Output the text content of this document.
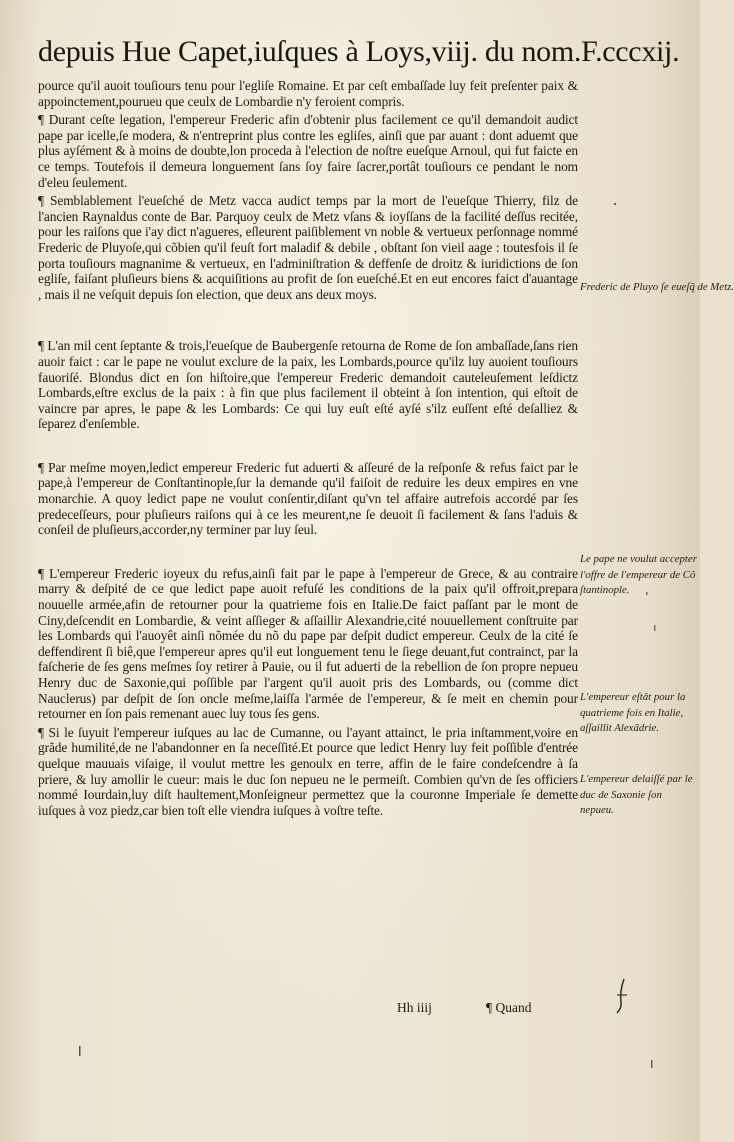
depuis Hue Capet,iuſques à Loys,viij. du nom.F.cccxij.

pource qu'il auoit touſiours tenu pour l'egliſe Romaine. Et par ceſt embaſſade luy feit preſenter paix & appoinctement,pourueu que ceulx de Lombardie n'y feroient compris.

¶ Durant ceſte legation, l'empereur Frederic afin d'obtenir plus facilement ce qu'il demandoit audict pape par icelle,ſe modera, & n'entreprint plus contre les egliſes, ainſi que par auant : dont aduemt que plus ayſément & à moins de doubte,lon proceda à l'election de noſtre eueſque Arnoul, qui fut faicte en ce temps. Toutefois il demeura longuement ſans ſoy faire ſacrer,portât touſiours ce pendant le nom d'eleu ſeulement.

¶ Semblablement l'eueſché de Metz vacca audict temps par la mort de l'eueſque Thierry, filz de l'ancien Raynaldus conte de Bar. Parquoy ceulx de Metz vſans & ioyſſans de la facilité deſſus recitée, pour les raiſons que i'ay dict n'agueres, eſleurent paiſiblement vn noble & vertueux perſonnage nommé Frederic de Pluyoſe,qui cõbien qu'il feuſt fort maladif & debile , obſtant ſon vieil aage : toutesfois il ſe porta touſiours magnanime & vertueux, en l'adminiſtration & deffenſe de droitz & iuridictions de ſon egliſe, faiſant pluſieurs biens & acquiſitions au profit de ſon eueſché.Et en eut encores faict d'auantage , mais il ne veſquit depuis ſon election, que deux ans deux moys.

¶ L'an mil cent ſeptante & trois,l'eueſque de Baubergenſe retourna de Rome de ſon ambaſſade,ſans rien auoir faict : car le pape ne voulut exclure de la paix, les Lombards,pource qu'ilz luy auoient touſiours fauoriſé. Blondus dict en ſon hiſtoire,que l'empereur Frederic demandoit cauteleuſement leſdictz Lombards,eſtre exclus de la paix : à fin que plus facilement il obteint à ſon intention, qui eſtoit de vaincre par apres, le pape & les Lombards: Ce qui luy euſt eſté ayſé s'ilz euſſent eſté deſalliez & ſeparez d'enſemble.

¶ Par meſme moyen,ledict empereur Frederic fut aduerti & aſſeuré de la reſponſe & refus faict par le pape,à l'empereur de Conſtantinople,ſur la demande qu'il faiſoit de reduire les deux empires en vne monarchie. A quoy ledict pape ne voulut conſentir,diſant qu'vn tel affaire autrefois accordé par ſes predeceſſeurs, pour pluſieurs raiſons qui à ce les meurent,ne ſe deuoit ſi facilement & ſans l'aduis & conſeil de pluſieurs,accorder,ny terminer par luy ſeul.

¶ L'empereur Frederic ioyeux du refus,ainſi fait par le pape à l'empereur de Grece, & au contraire marry & deſpité de ce que ledict pape auoit refuſé les conditions de la paix qu'il offroit,prepara nouuelle armée,afin de retourner pour la quatrieme fois en Italie.De faict paſſant par le mont de Ciny,deſcendit en Lombardie, & veint aſſieger & aſſaillir Alexandrie,cité nouuellement conſtruite par les Lombards qui l'auoyêt ainſi nõmée du nõ du pape par deſpit dudict empereur. Ceulx de la cité ſe deffendirent ſi biê,que l'empereur apres qu'il eut longuement tenu le ſiege deuant,fut contrainct, par la faſcherie de ſes gens meſmes ſoy retirer à Pauie, ou il fut aduerti de la rebellion de ſon propre nepueu Henry duc de Saxonie,qui poſſible par l'argent qu'il auoit pris des Lombards, ou (comme dict Nauclerus) par deſpit de ſon oncle meſme,laiſſa l'armée de l'empereur, & ſe meit en chemin pour retourner en ſon pais remenant auec luy tous ſes gens.

¶ Si le ſuyuit l'empereur iuſques au lac de Cumanne, ou l'ayant attainct, le pria inſtamment,voire en grãde humilité,de ne l'abandonner en ſa neceſſité.Et pource que ledict Henry luy feit poſſible d'entrée quelque mauuais viſaige, il voulut mettre les genoulx en terre, affin de le faire condeſcendre à ſa priere, & luy amollir le cueur: mais le duc ſon nepueu ne le permeiſt. Combien qu'vn de ſes officiers nommé Iourdain,luy diſt haultement,Monſeigneur permettez que la couronne Imperiale ſe demette iuſques à voz piedz,car bien toſt elle viendra iuſques à voſtre teſte.

Frederic de Pluyo ſe eueſq̃ de Metz.
Le pape ne voulut accepter l'offre de l'empereur de Cõ ſtantinople.
L'empereur eſtât pour la quatrieme fois en Italie, aſſaillit Alexãdrie.
L'empereur delaiſſé par le duc de Saxonie ſon nepueu.
Hh iiij	¶ Quand
